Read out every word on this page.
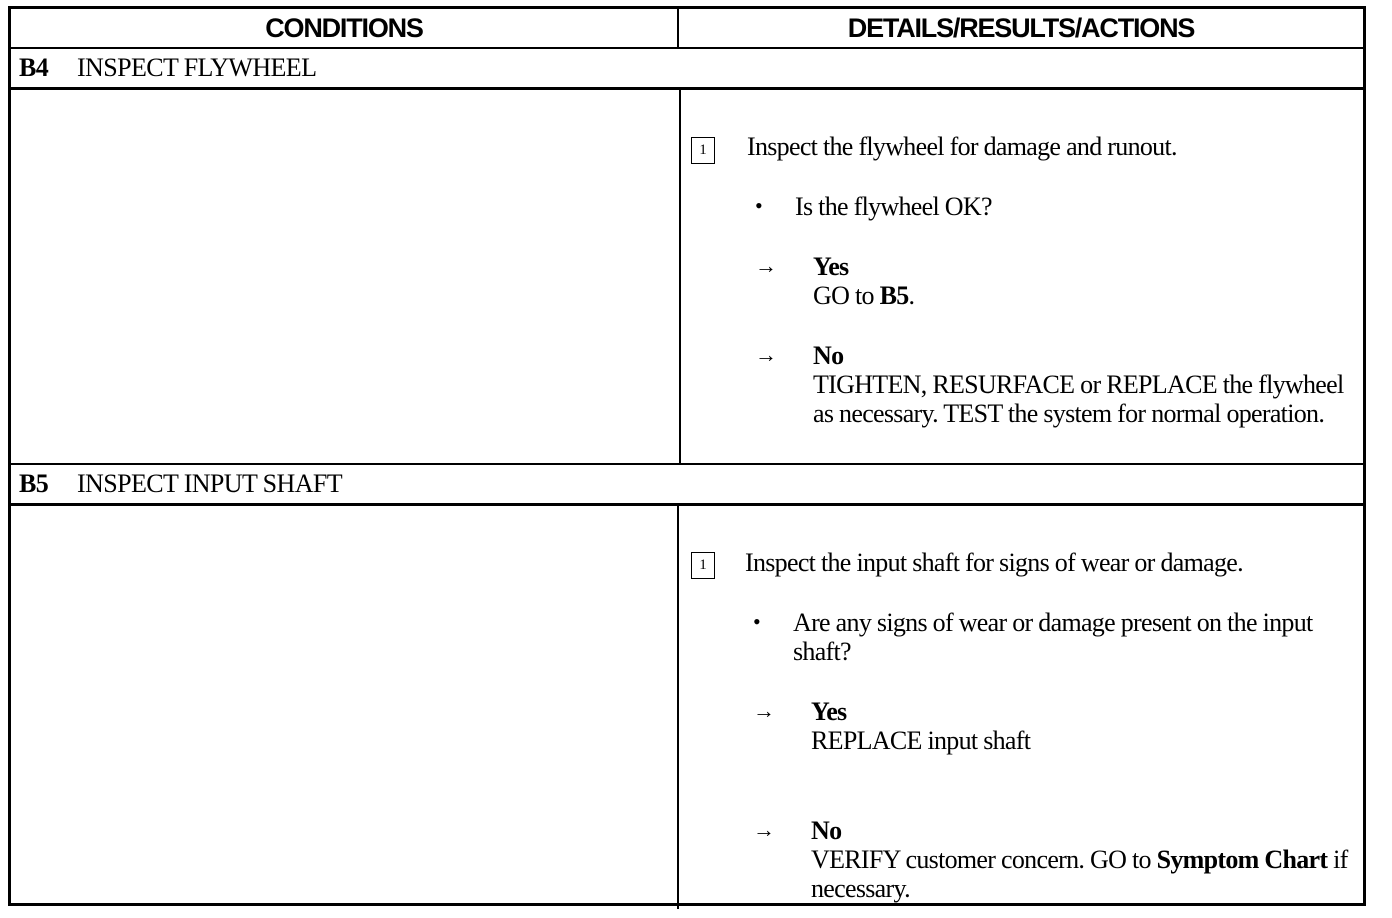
CONDITIONS	DETAILS/RESULTS/ACTIONS
B4 INSPECT FLYWHEEL
1	Inspect the flywheel for damage and runout.
• Is the flywheel OK?
→ Yes
GO to B5.
→ No
TIGHTEN, RESURFACE or REPLACE the flywheel as necessary. TEST the system for normal operation.
B5 INSPECT INPUT SHAFT
1	Inspect the input shaft for signs of wear or damage.
• Are any signs of wear or damage present on the input shaft?
→ Yes
REPLACE input shaft
→ No
VERIFY customer concern. GO to Symptom Chart if necessary.
